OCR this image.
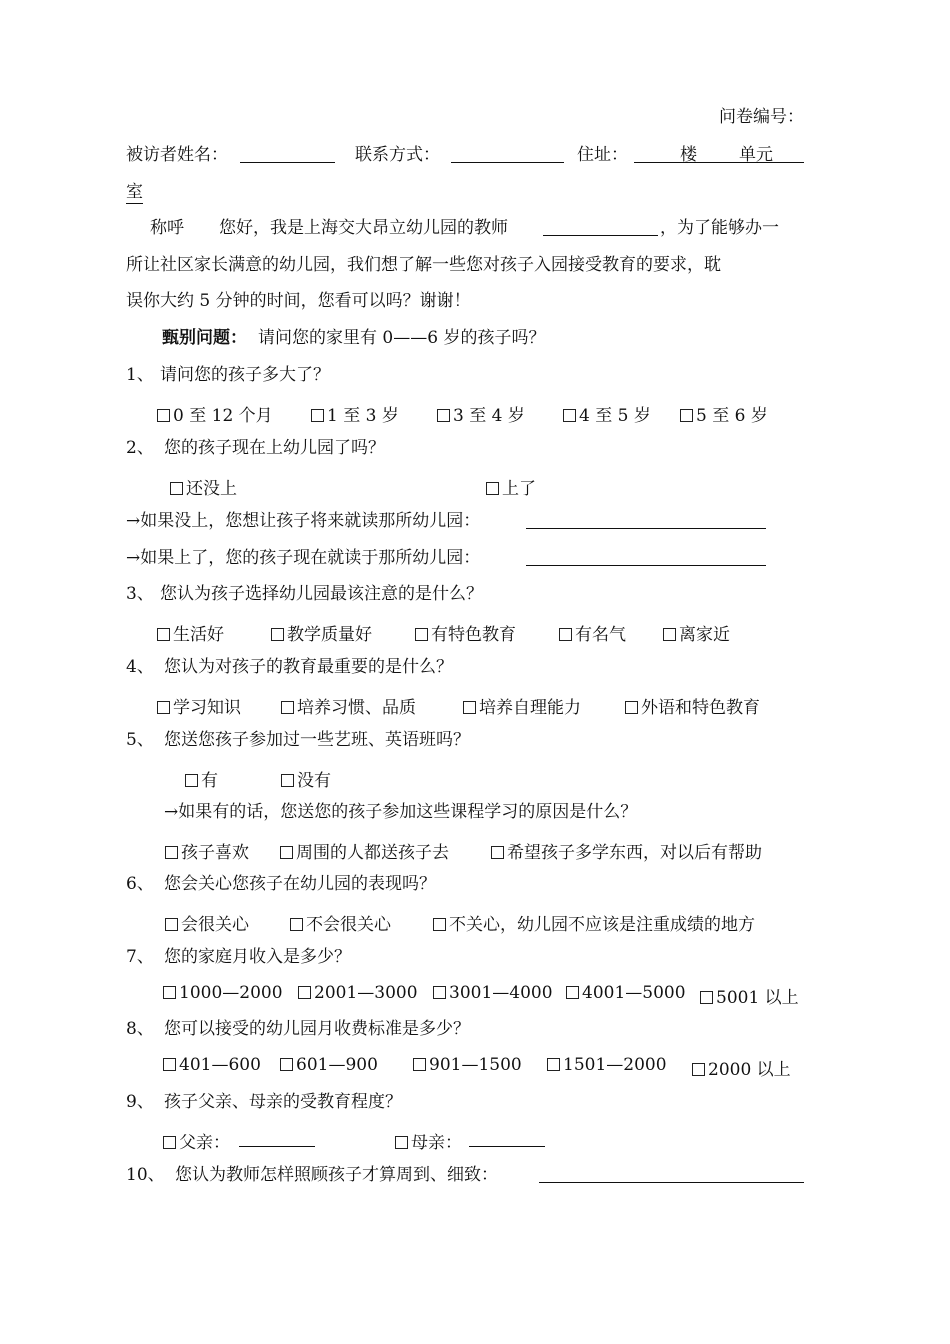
问卷编号：
被访者姓名：	联系方式：	住址：	楼 单元
室
称呼 您好，我是上海交大昂立幼儿园的教师	，为了能够办一
所让社区家长满意的幼儿园，我们想了解一些您对孩子入园接受教育的要求，耽
误你大约 5 分钟的时间，您看可以吗？谢谢！
甄别问题： 请问您的家里有 0——6 岁的孩子吗？
1、 请问您的孩子多大了？
0 至 12 个月	1 至 3 岁	3 至 4 岁	4 至 5 岁	5 至 6 岁
2、 您的孩子现在上幼儿园了吗？
还没上	上了
→如果没上，您想让孩子将来就读那所幼儿园：
→如果上了，您的孩子现在就读于那所幼儿园：
3、 您认为孩子选择幼儿园最该注意的是什么？
生活好	教学质量好	有特色教育	有名气	离家近
4、 您认为对孩子的教育最重要的是什么？
学习知识	培养习惯、品质	培养自理能力	外语和特色教育
5、 您送您孩子参加过一些艺班、英语班吗？
有	没有
→如果有的话，您送您的孩子参加这些课程学习的原因是什么？
孩子喜欢	周围的人都送孩子去	希望孩子多学东西，对以后有帮助
6、 您会关心您孩子在幼儿园的表现吗？
会很关心	不会很关心	不关心，幼儿园不应该是注重成绩的地方
7、 您的家庭月收入是多少？
1000—2000	2001—3000	3001—4000	4001—5000	5001 以上
8、 您可以接受的幼儿园月收费标准是多少？
401—600	601—900	901—1500	1501—2000	2000 以上
9、 孩子父亲、母亲的受教育程度？
父亲：	母亲：
10、 您认为教师怎样照顾孩子才算周到、细致：
